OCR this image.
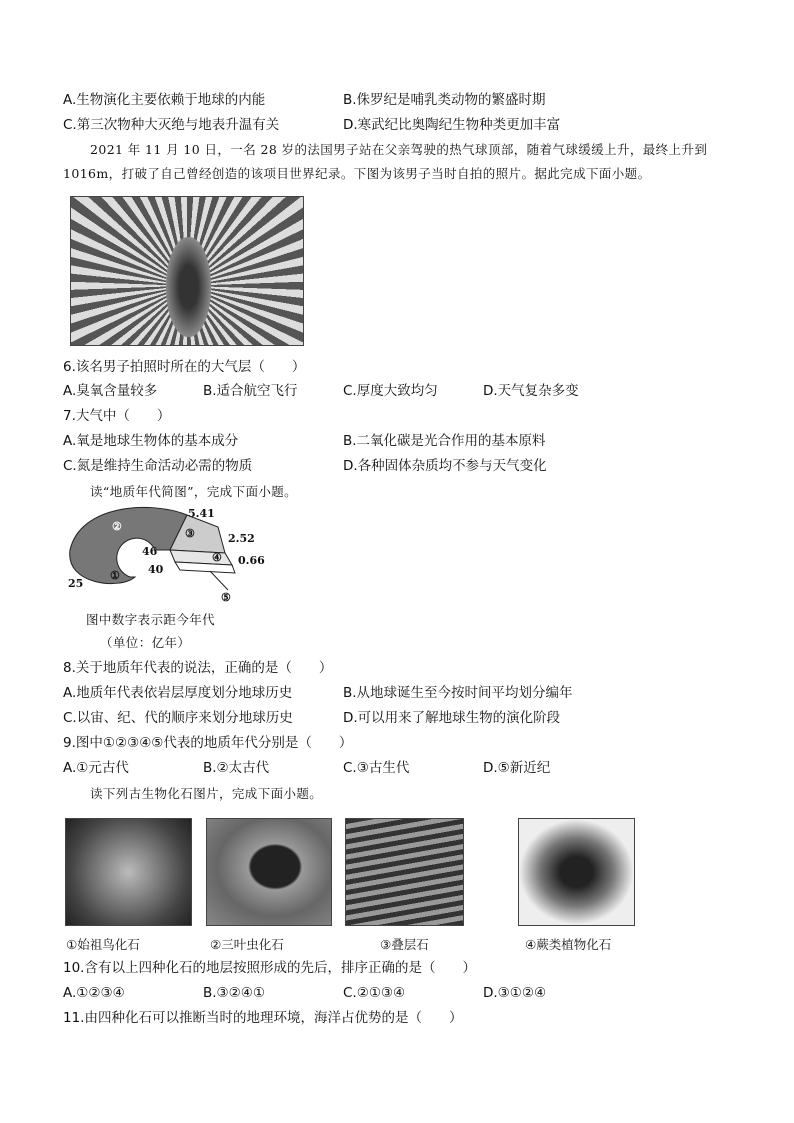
A.生物演化主要依赖于地球的内能	B.侏罗纪是哺乳类动物的繁盛时期
C.第三次物种大灭绝与地表升温有关	D.寒武纪比奥陶纪生物种类更加丰富
2021 年 11 月 10 日，一名 28 岁的法国男子站在父亲驾驶的热气球顶部，随着气球缓缓上升，最终上升到
1016m，打破了自己曾经创造的该项目世界纪录。下图为该男子当时自拍的照片。据此完成下面小题。
6.该名男子拍照时所在的大气层（　　）
A.臭氧含量较多	B.适合航空飞行	C.厚度大致均匀	D.天气复杂多变
7.大气中（　　）
A.氧是地球生物体的基本成分	B.二氧化碳是光合作用的基本原料
C.氮是维持生命活动必需的物质	D.各种固体杂质均不参与天气变化
读“地质年代简图”，完成下面小题。
5.41
2.52
0.66
46
40
25
①
②
③
④
⑤
图中数字表示距今年代
（单位：亿年）
8.关于地质年代表的说法，正确的是（　　）
A.地质年代表依岩层厚度划分地球历史	B.从地球诞生至今按时间平均划分编年
C.以宙、纪、代的顺序来划分地球历史	D.可以用来了解地球生物的演化阶段
9.图中①②③④⑤代表的地质年代分别是（　　）
A.①元古代	B.②太古代	C.③古生代	D.⑤新近纪
读下列古生物化石图片，完成下面小题。
①始祖鸟化石	②三叶虫化石	③叠层石	④蕨类植物化石
10.含有以上四种化石的地层按照形成的先后，排序正确的是（　　）
A.①②③④	B.③②④①	C.②①③④	D.③①②④
11.由四种化石可以推断当时的地理环境，海洋占优势的是（　　）
